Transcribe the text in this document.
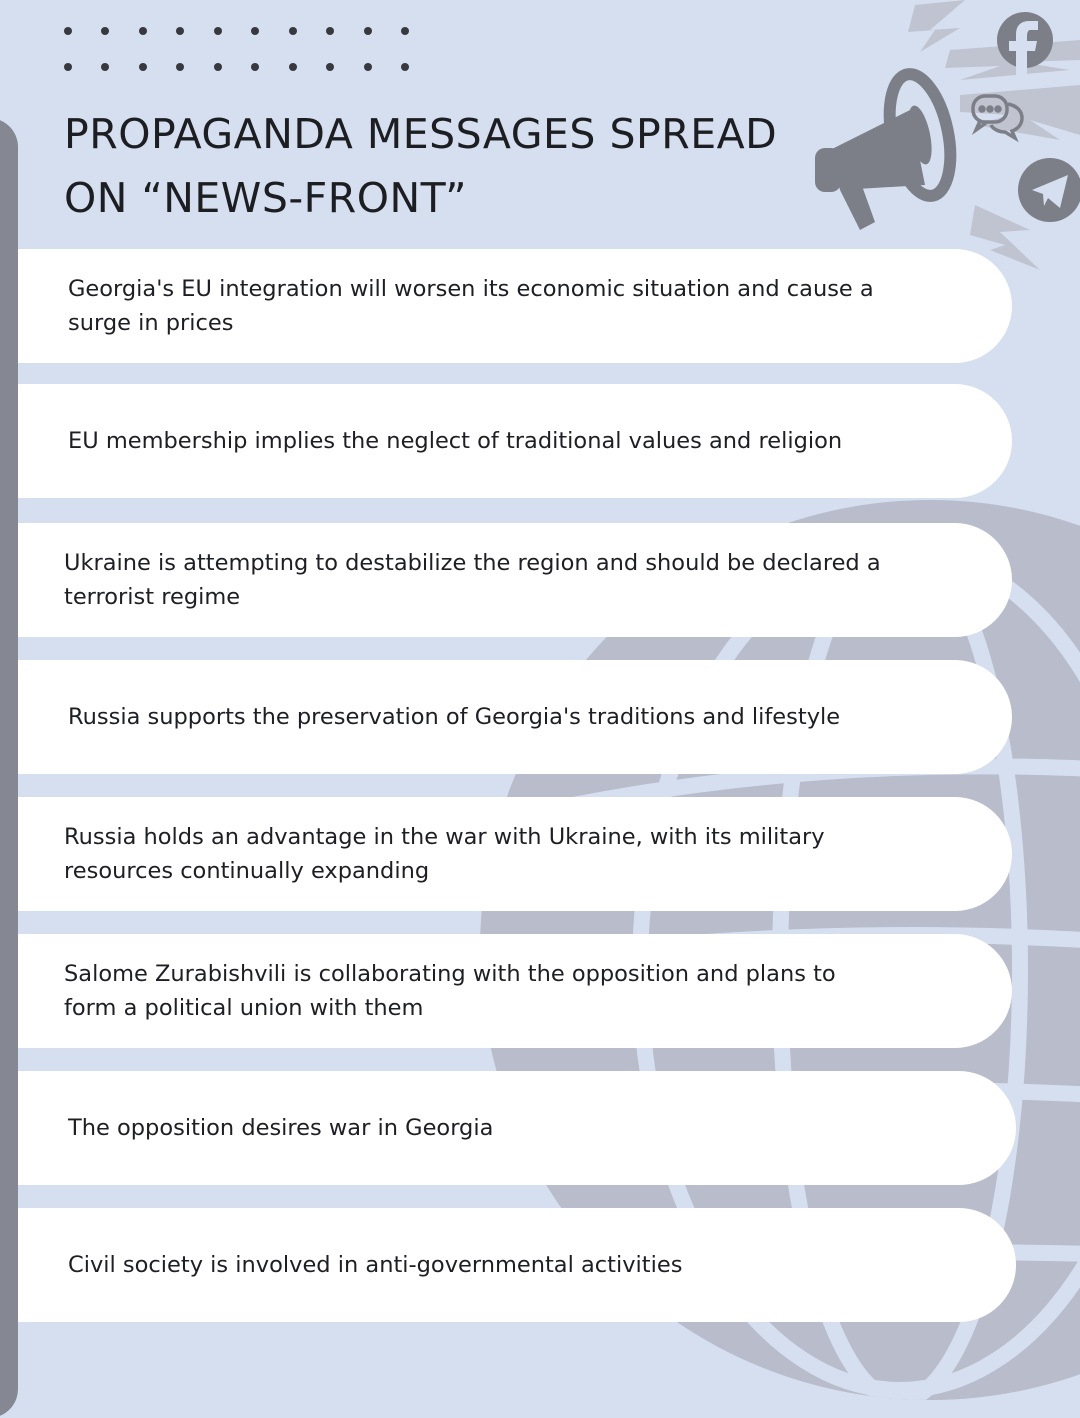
PROPAGANDA MESSAGES SPREAD
ON “NEWS-FRONT”
Georgia's EU integration will worsen its economic situation and cause a surge in prices
EU membership implies the neglect of traditional values and religion
Ukraine is attempting to destabilize the region and should be declared a terrorist regime
Russia supports the preservation of Georgia's traditions and lifestyle
Russia holds an advantage in the war with Ukraine, with its military resources continually expanding
Salome Zurabishvili is collaborating with the opposition and plans to form a political union with them
The opposition desires war in Georgia
Civil society is involved in anti-governmental activities
